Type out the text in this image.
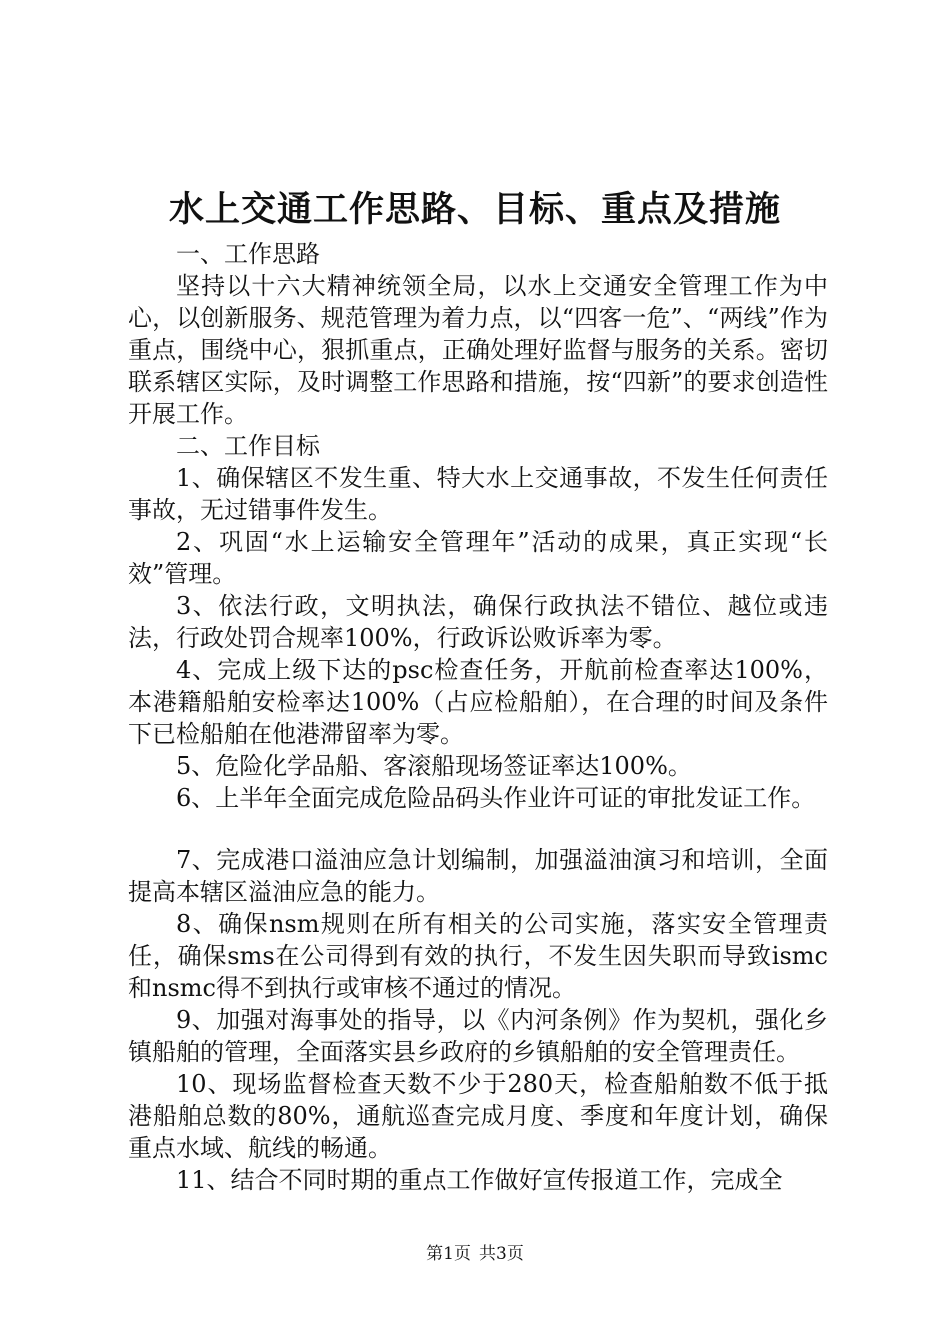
水上交通工作思路、目标、重点及措施

一、工作思路

坚持以十六大精神统领全局，以水上交通安全管理工作为中心，以创新服务、规范管理为着力点，以“四客一危”、“两线”作为重点，围绕中心，狠抓重点，正确处理好监督与服务的关系。密切联系辖区实际，及时调整工作思路和措施，按“四新”的要求创造性开展工作。

二、工作目标

1、确保辖区不发生重、特大水上交通事故，不发生任何责任事故，无过错事件发生。

2、巩固“水上运输安全管理年”活动的成果，真正实现“长效”管理。

3、依法行政，文明执法，确保行政执法不错位、越位或违法，行政处罚合规率100%，行政诉讼败诉率为零。

4、完成上级下达的psc检查任务，开航前检查率达100%，本港籍船舶安检率达100%（占应检船舶），在合理的时间及条件下已检船舶在他港滞留率为零。

5、危险化学品船、客滚船现场签证率达100%。

6、上半年全面完成危险品码头作业许可证的审批发证工作。

7、完成港口溢油应急计划编制，加强溢油演习和培训，全面提高本辖区溢油应急的能力。

8、确保nsm规则在所有相关的公司实施，落实安全管理责任，确保sms在公司得到有效的执行，不发生因失职而导致ismc和nsmc得不到执行或审核不通过的情况。

9、加强对海事处的指导，以《内河条例》作为契机，强化乡镇船舶的管理，全面落实县乡政府的乡镇船舶的安全管理责任。

10、现场监督检查天数不少于280天，检查船舶数不低于抵港船舶总数的80%，通航巡查完成月度、季度和年度计划，确保重点水域、航线的畅通。

11、结合不同时期的重点工作做好宣传报道工作，完成全

第1页 共3页
